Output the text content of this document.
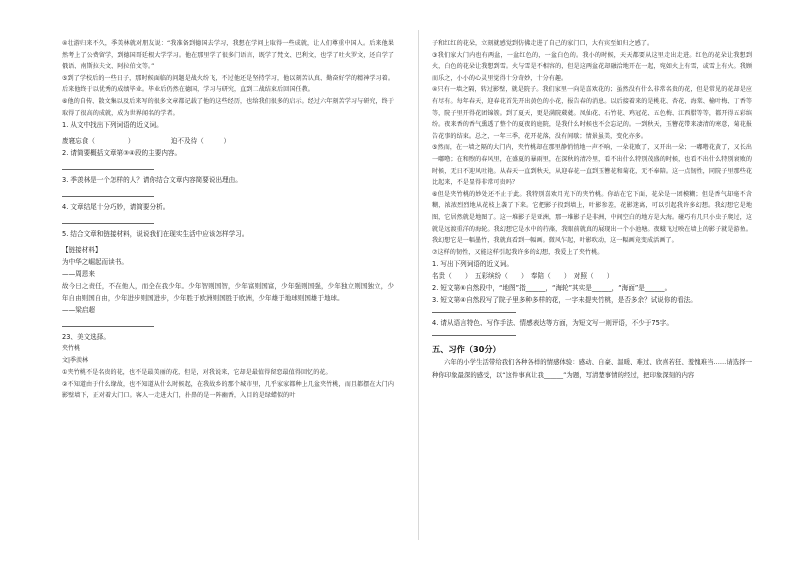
④壮游归来不久，季美林就对朋友说：“我准备到德国去学习，我想在学问上取得一些成就，让人们尊重中国人。后来他果然考上了公费留学，到德国哥廷根大学学习。他在那里学了很多门语言，既学了梵文、巴利文，也学了吐火罗文，还自学了俄语、南斯拉夫文、阿拉伯文等。”

⑤到了学校后的一些日子，那时候面临的问题是战火纷飞，不过他还是坚持学习，他以刻苦认真、勤奋好学的精神学习着。后来他终于以优秀的成绩毕业。毕业后仍然在德国，学习与研究，直到二战结束后回国任教。

⑥他的自传、散文集以及后来写的很多文章都记载了他的这些经历，也给我们很多的启示。经过六年刻苦学习与研究，终于取得了很高的成就，成为世界闻名的学者。

1. 从文中找出下列词语的近义词。
废寝忘食（　　　　　）　　　　　　迫不及待（　　　）
2. 请简要概括文章第③④段的主要内容。
3. 季羡林是一个怎样的人？请你结合文章内容简要说出理由。
4. 文章结尾十分巧妙，请简要分析。
5. 结合文章和链接材料，说说我们在现实生活中应该怎样学习。
【链接材料】
为中华之崛起而读书。
——周恩来

故今日之责任，不在他人，而全在我少年。少年智则国智，少年富则国富，少年强则国强，少年独立则国独立，少年自由则国自由，少年进步则国进步，少年胜于欧洲则国胜于欧洲，少年雄于地球则国雄于地球。

——梁启超
23、美文选择。
夹竹桃
文|季羡林

①夹竹桃不是名贵的花，也不是最美丽的花，但是，对我说来，它却是最值得留恋最值得回忆的花。

②不知道由于什么缘故，也不知道从什么时候起，在我故乡的那个城市里，几乎家家都种上几盆夹竹桃，而且都摆在大门内影壁墙下，正对着大门口。客人一走进大门，扑鼻的是一阵幽香，入目的是绿蜡似的叶

子和红红的花朵，立刻就感觉到仿佛走进了自己的家门口，大有宾至如归之感了。

③我们家大门内也有两盆，一盆红色的，一盆白色的。我小的时候，天天都要从这里走出走进。红色的花朵让我想到火，白色的花朵让我想到雪。火与雪是不相容的，但是这两盆花却融洽地开在一起，宛如火上有雪，或雪上有火。我顾而乐之，小小的心灵里觉得十分奇妙，十分有趣。

④只有一墙之隔，转过影壁，就是院子。我们家里一向是喜欢花的；虽然没有什么非常名贵的花，但是常见的花却是应有尽有。每年春天，迎春花首先开出黄色的小花，报告春的消息。以后接着来的是桃花、杏花、海棠、榆叶梅、丁香等等，院子里开得花团锦簇。到了夏天，更是满院葳蕤。凤仙花、石竹花、鸡冠花、五色梅、江西腊等等，都开得五彩缤纷。夜来香的香气熏透了整个的夏夜的庭院，是我什么时候也不会忘记的。一到秋天，玉簪花带来凄清的寒意，菊花报告花事的结束。总之，一年三季，花开花落，没有间歇；情景虽美，变化亦多。

⑤然而，在一墙之隔的大门内，夹竹桃却在那里静悄悄地一声不响，一朵花败了，又开出一朵；一嘟噜花黄了，又长出一嘟噜；在和煦的春风里，在盛夏的暴雨里，在深秋的清冷里，看不出什么特别茂盛的时候，也看不出什么特别衰败的时候，无日不迎风吐艳。从春天一直到秋天，从迎春花一直到玉簪花和菊花，无不奉陪。这一点韧性，同院子里那些花比起来，不是显得非常可贵吗？

⑥但是夹竹桃的妙处还不止于此。我特别喜欢月光下的夹竹桃。你站在它下面，花朵是一团模糊；但是香气却毫不含糊，浓浓烈烈地从花枝上袭了下来。它把影子投到墙上，叶影参差，花影迷离，可以引起我许多幻想。我幻想它是地图，它居然就是地图了。这一堆影子是亚洲，那一堆影子是非洲，中间空白的地方是大海。碰巧有几只小虫子爬过，这就是远渡重洋的海轮。我幻想它是水中的荇藻，我眼前就真的展现出一个小池塘。夜蛾飞过映在墙上的影子就是游鱼。我幻想它是一幅墨竹，我就真看到一幅画。微风乍起，叶影吹动，这一幅画竟变成活画了。

⑦这样的韧性，又能这样引起我许多的幻想，我爱上了夹竹桃。

1. 写出下列词语的近义词。
名贵（　　）　五彩缤纷（　　）　奉陪（　　）　对照（　　）
2. 短文第⑥自然段中，“地图”指______，“海轮”其实是______，“海面”是______。
3. 短文第④自然段写了院子里多种多样的花，一字未提夹竹桃，是否多余？试说你的看法。
4. 请从语言特色、写作手法、情感表达等方面，为短文写一则评语，不少于75字。
五、习作（30分）

六年的小学生活带给我们各种各样的情感体验：感动、自豪、温暖、难过、欣喜若狂、羞愧难当……请选择一种你印象最深的感受，以“这件事真让我______”为题，写清楚事情的经过，把印象深刻的内容
